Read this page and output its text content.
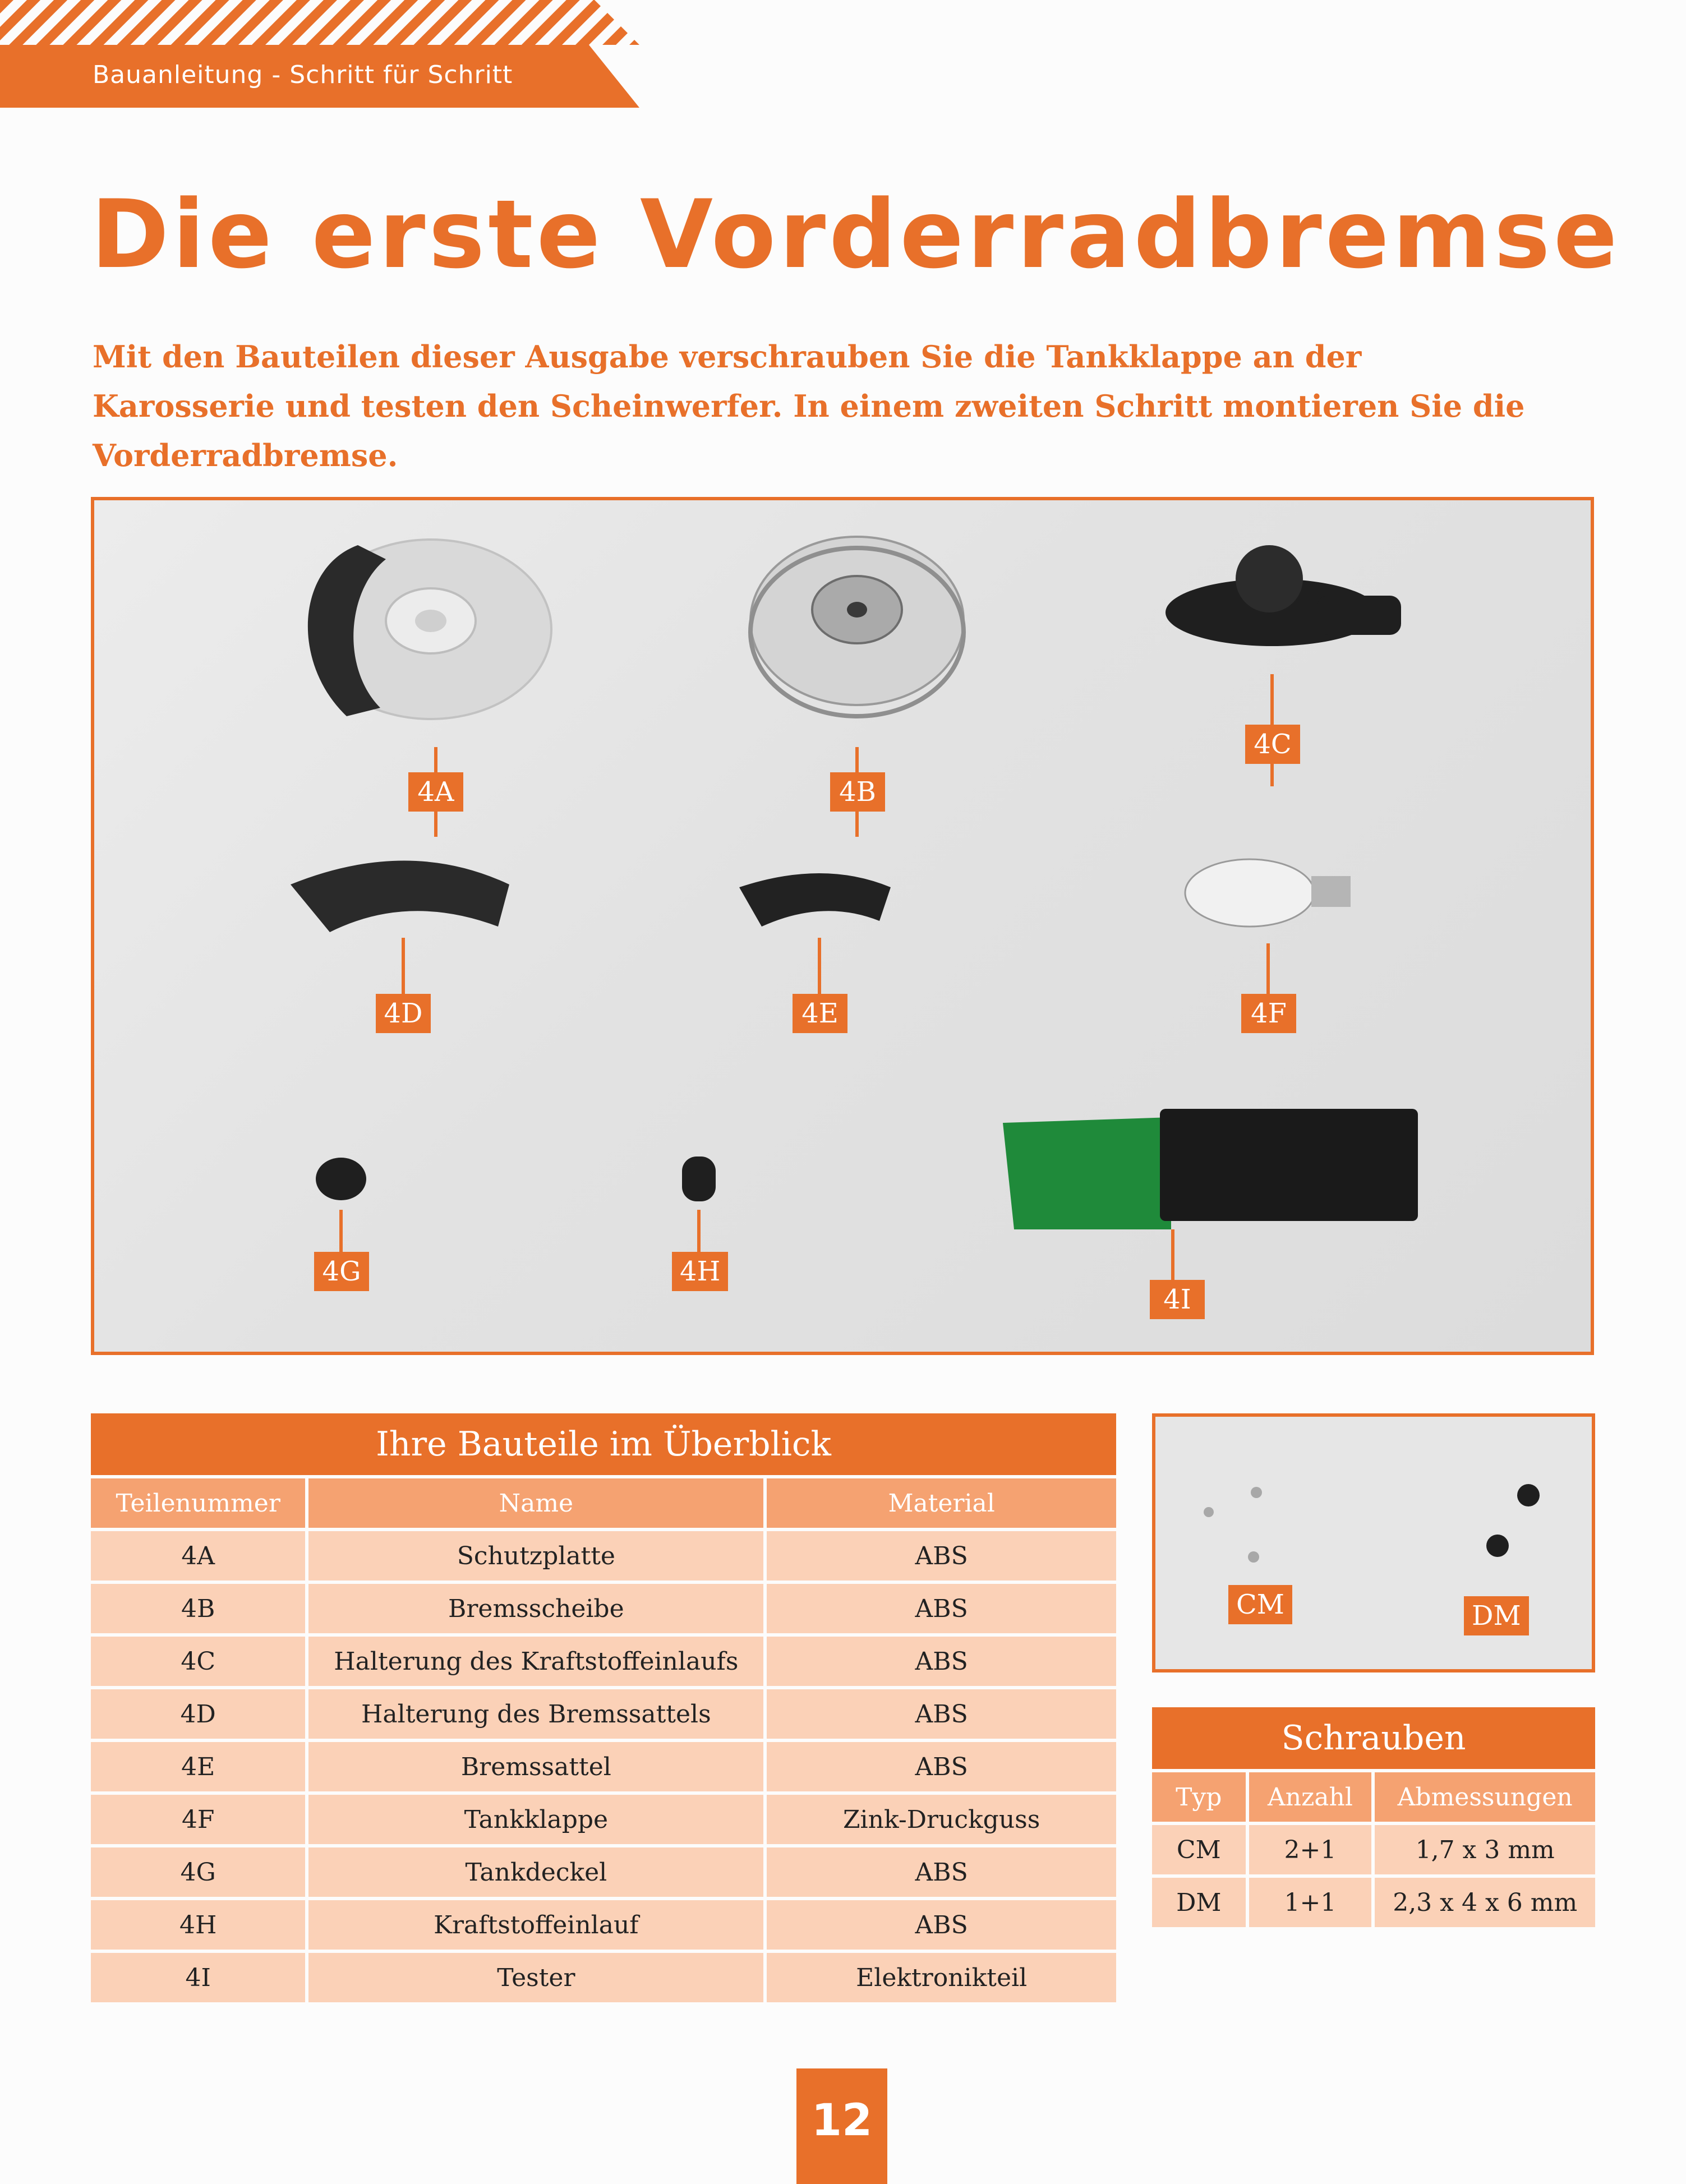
Bauanleitung - Schritt für Schritt
Die erste Vorderradbremse
Mit den Bauteilen dieser Ausgabe verschrauben Sie die Tankklappe an der Karosserie und testen den Scheinwerfer. In einem zweiten Schritt montieren Sie die Vorderradbremse.
4A	4B
4C
4D	4E	4F
4G	4H
4I
Ihre Bauteile im Überblick		
Teilenummer	Name	Material
4A	Schutzplatte	ABS
4B	Bremsscheibe	ABS
4C	Halterung des Kraftstoffeinlaufs	ABS
4D	Halterung des Bremssattels	ABS
4E	Bremssattel	ABS
4F	Tankklappe	Zink-Druckguss
4G	Tankdeckel	ABS
4H	Kraftstoffeinlauf	ABS
4I	Tester	Elektronikteil
CM	DM
Schrauben		
Typ	Anzahl	Abmessungen
CM	2+1	1,7 x 3 mm
DM	1+1	2,3 x 4 x 6 mm
12
